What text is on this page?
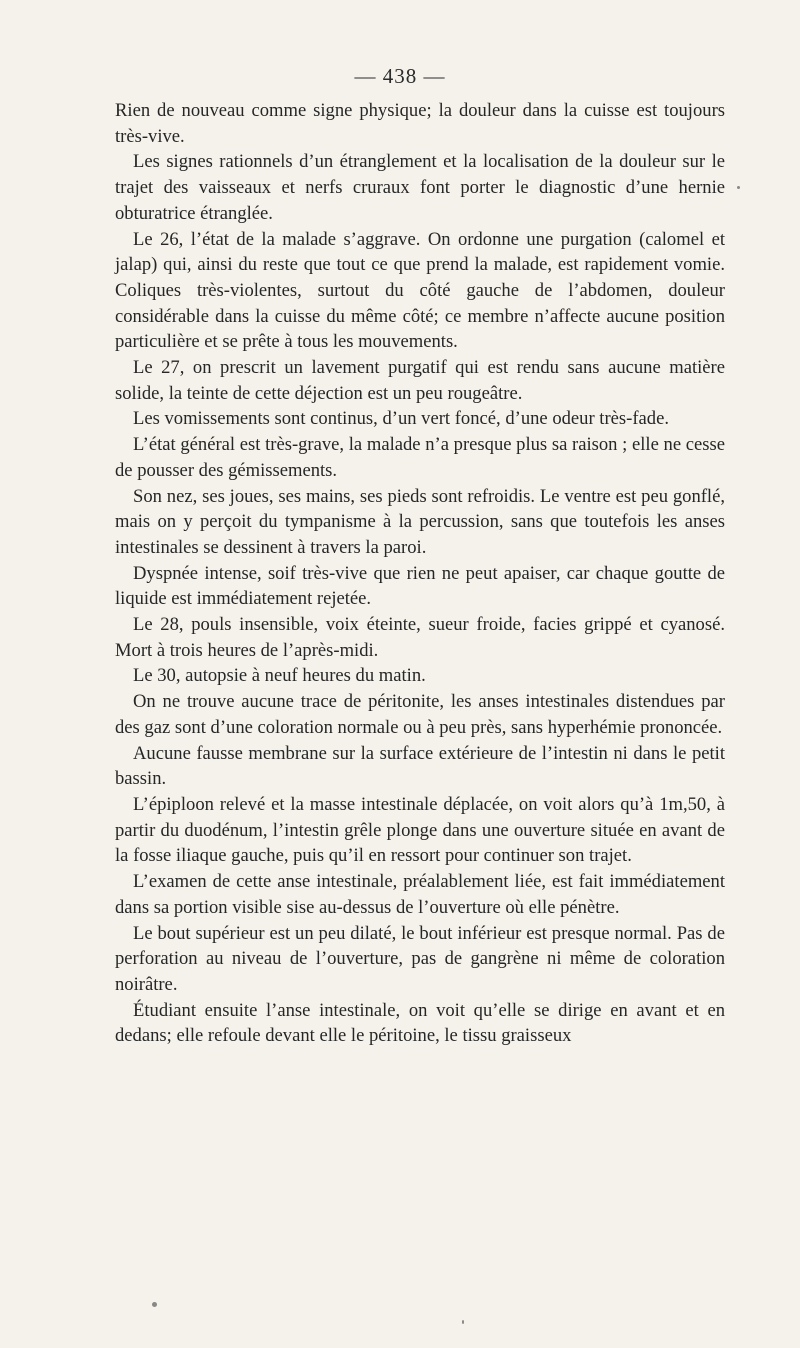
— 438 —

Rien de nouveau comme signe physique; la douleur dans la cuisse est toujours très-vive.

Les signes rationnels d’un étranglement et la localisation de la douleur sur le trajet des vaisseaux et nerfs cruraux font porter le diagnostic d’une hernie obturatrice étranglée.

Le 26, l’état de la malade s’aggrave. On ordonne une purgation (calomel et jalap) qui, ainsi du reste que tout ce que prend la malade, est rapidement vomie. Coliques très-violentes, surtout du côté gauche de l’abdomen, douleur considérable dans la cuisse du même côté; ce membre n’affecte aucune position particulière et se prête à tous les mouvements.

Le 27, on prescrit un lavement purgatif qui est rendu sans aucune matière solide, la teinte de cette déjection est un peu rougeâtre.

Les vomissements sont continus, d’un vert foncé, d’une odeur très-fade.

L’état général est très-grave, la malade n’a presque plus sa raison ; elle ne cesse de pousser des gémissements.

Son nez, ses joues, ses mains, ses pieds sont refroidis. Le ventre est peu gonflé, mais on y perçoit du tympanisme à la percussion, sans que toutefois les anses intestinales se dessinent à travers la paroi.

Dyspnée intense, soif très-vive que rien ne peut apaiser, car chaque goutte de liquide est immédiatement rejetée.

Le 28, pouls insensible, voix éteinte, sueur froide, facies grippé et cyanosé. Mort à trois heures de l’après-midi.

Le 30, autopsie à neuf heures du matin.

On ne trouve aucune trace de péritonite, les anses intestinales distendues par des gaz sont d’une coloration normale ou à peu près, sans hyperhémie prononcée.

Aucune fausse membrane sur la surface extérieure de l’intestin ni dans le petit bassin.

L’épiploon relevé et la masse intestinale déplacée, on voit alors qu’à 1m,50, à partir du duodénum, l’intestin grêle plonge dans une ouverture située en avant de la fosse iliaque gauche, puis qu’il en ressort pour continuer son trajet.

L’examen de cette anse intestinale, préalablement liée, est fait immédiatement dans sa portion visible sise au-dessus de l’ouverture où elle pénètre.

Le bout supérieur est un peu dilaté, le bout inférieur est presque normal. Pas de perforation au niveau de l’ouverture, pas de gangrène ni même de coloration noirâtre.

Étudiant ensuite l’anse intestinale, on voit qu’elle se dirige en avant et en dedans; elle refoule devant elle le péritoine, le tissu graisseux
